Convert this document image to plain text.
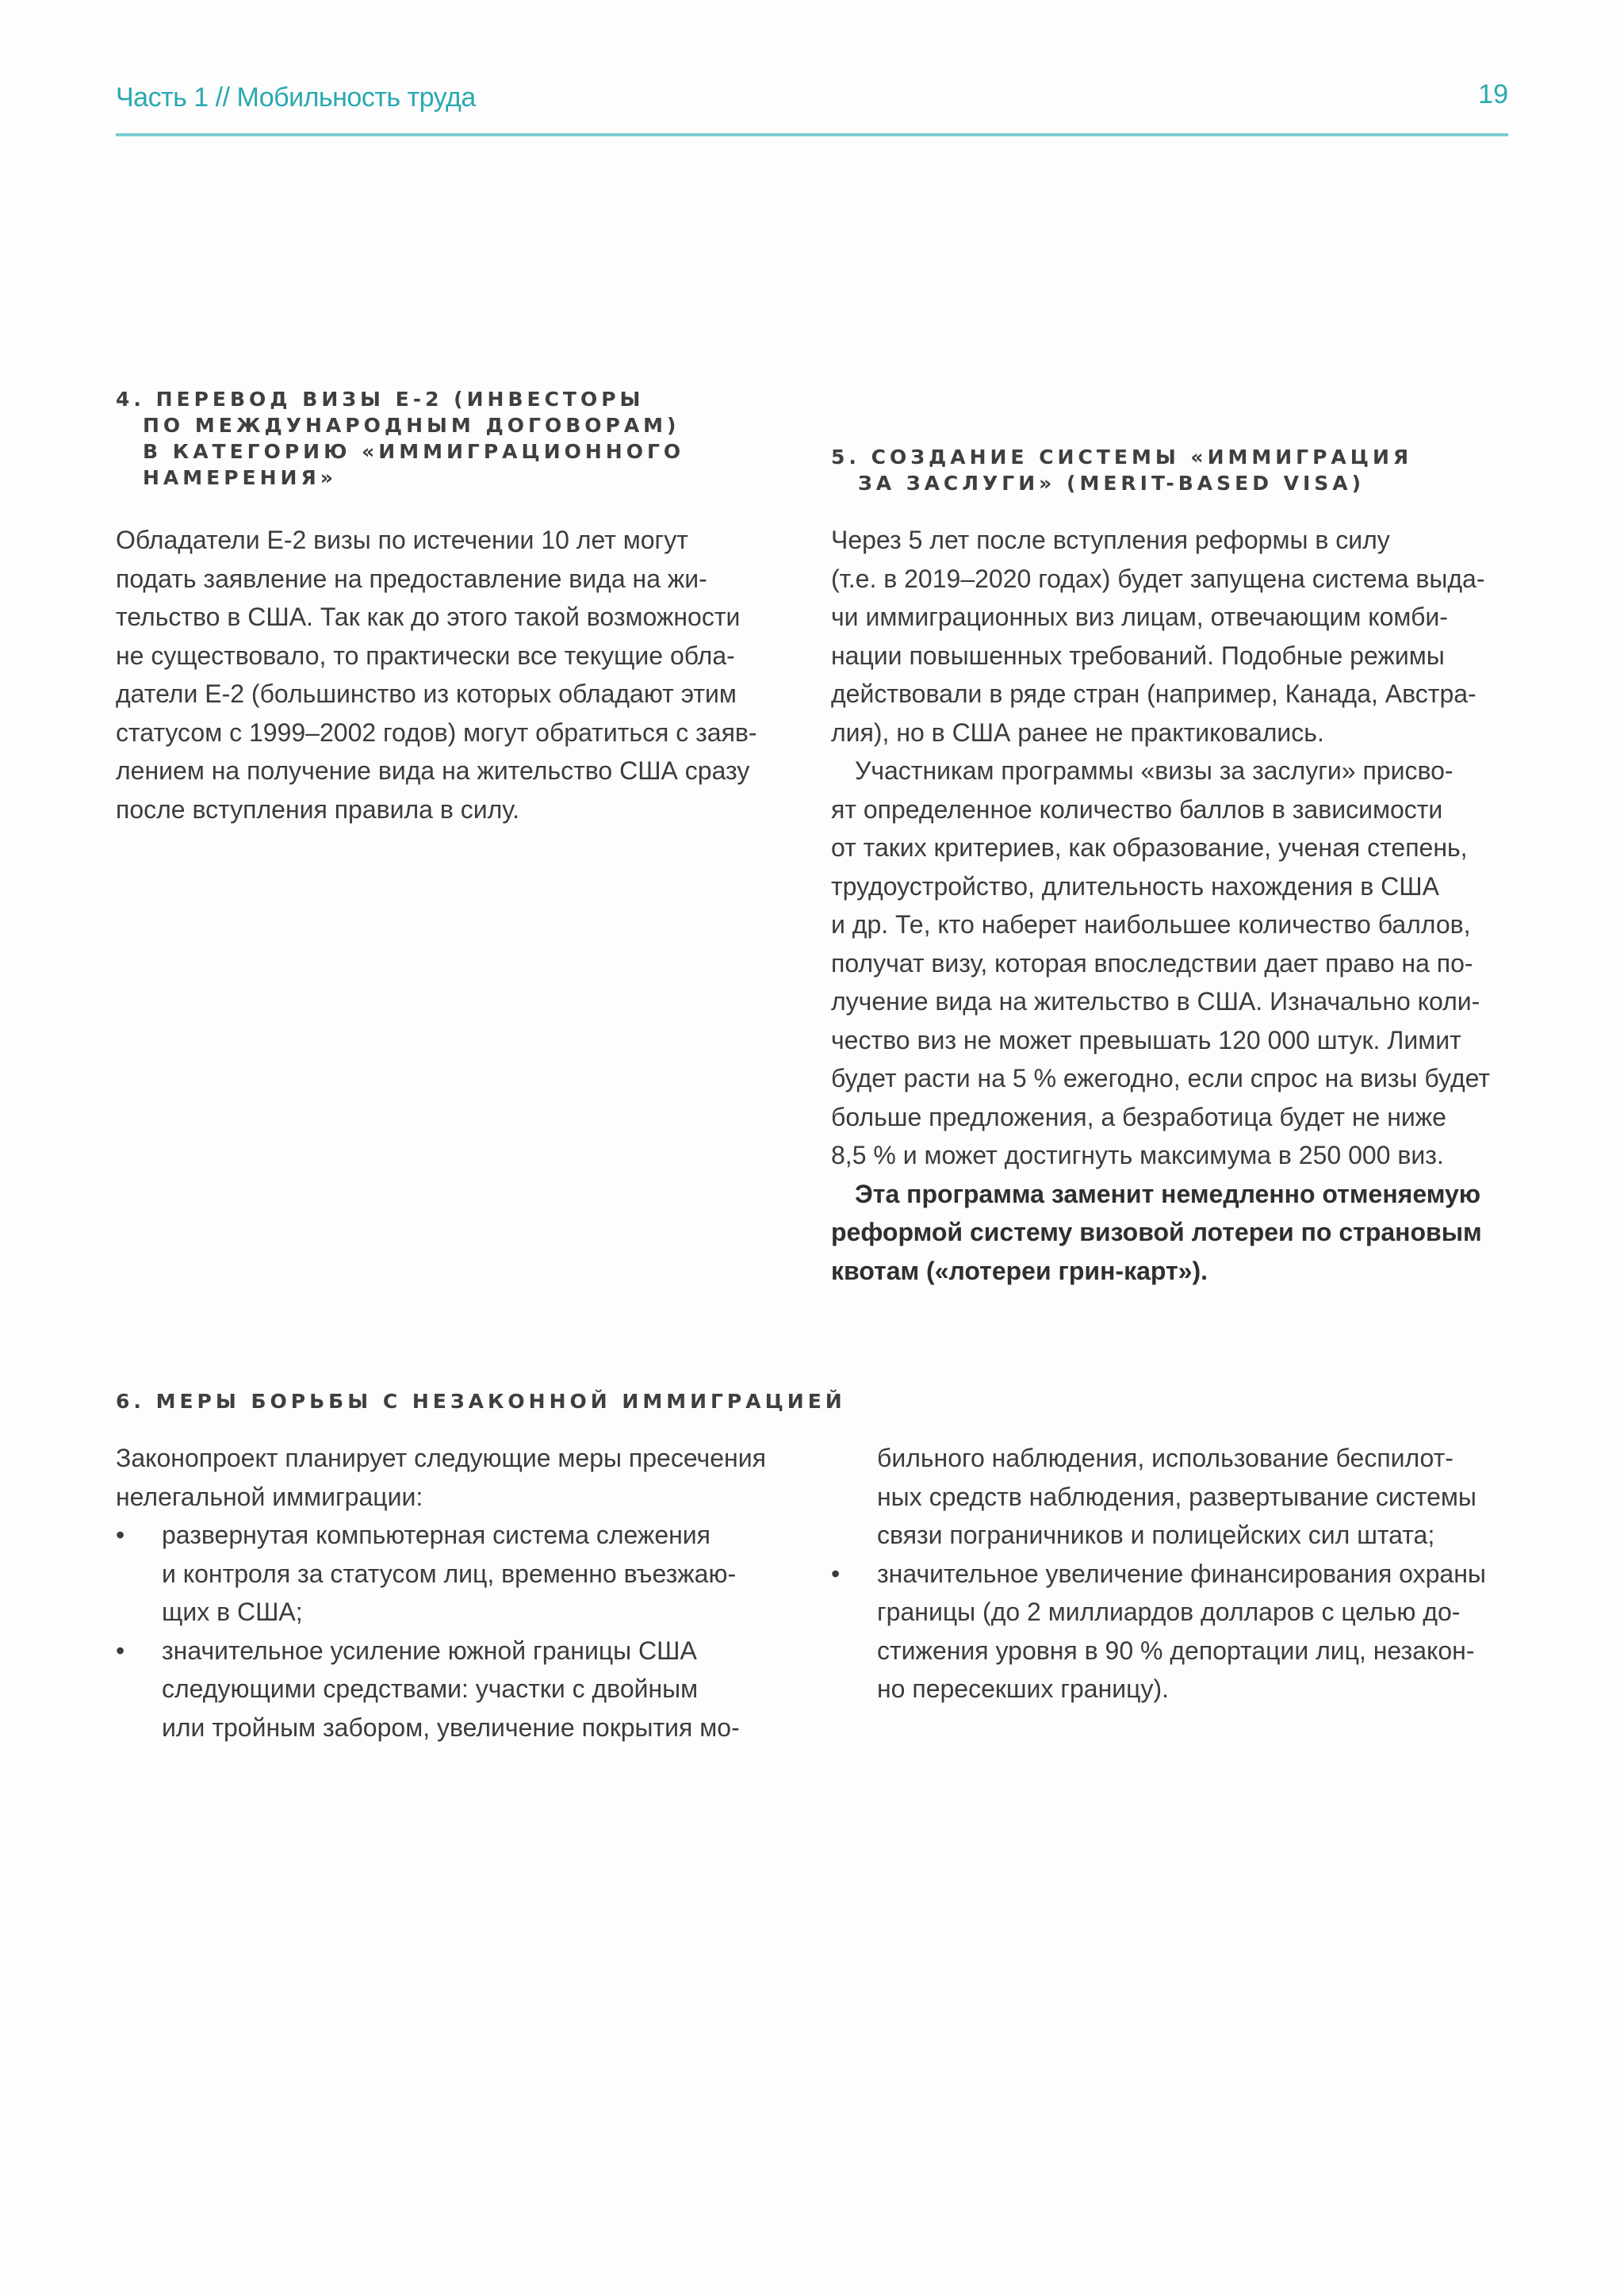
Часть 1 // Мобильность труда	19
4. ПЕРЕВОД ВИЗЫ Е-2 (ИНВЕСТОРЫ
ПО МЕЖДУНАРОДНЫМ ДОГОВОРАМ)
В КАТЕГОРИЮ «ИММИГРАЦИОННОГО
НАМЕРЕНИЯ»
Обладатели Е-2 визы по истечении 10 лет могут
подать заявление на предоставление вида на жи-
тельство в США. Так как до этого такой возможности
не существовало, то практически все текущие обла-
датели Е-2 (большинство из которых обладают этим
статусом с 1999–2002 годов) могут обратиться с заяв-
лением на получение вида на жительство США сразу
после вступления правила в силу.
5. СОЗДАНИЕ СИСТЕМЫ «ИММИГРАЦИЯ
ЗА ЗАСЛУГИ» (MERIT-BASED VISA)
Через 5 лет после вступления реформы в силу
(т.е. в 2019–2020 годах) будет запущена система выда-
чи иммиграционных виз лицам, отвечающим комби-
нации повышенных требований. Подобные режимы
действовали в ряде стран (например, Канада, Австра-
лия), но в США ранее не практиковались.
Участникам программы «визы за заслуги» присво-
ят определенное количество баллов в зависимости
от таких критериев, как образование, ученая степень,
трудоустройство, длительность нахождения в США
и др. Те, кто наберет наибольшее количество баллов,
получат визу, которая впоследствии дает право на по-
лучение вида на жительство в США. Изначально коли-
чество виз не может превышать 120 000 штук. Лимит
будет расти на 5 % ежегодно, если спрос на визы будет
больше предложения, а безработица будет не ниже
8,5 % и может достигнуть максимума в 250 000 виз.
Эта программа заменит немедленно отменяемую
реформой систему визовой лотереи по страновым
квотам («лотереи грин-карт»).
6. МЕРЫ БОРЬБЫ С НЕЗАКОННОЙ ИММИГРАЦИЕЙ
Законопроект планирует следующие меры пресечения
нелегальной иммиграции:
• развернутая компьютерная система слежения
и контроля за статусом лиц, временно въезжаю-
щих в США;
• значительное усиление южной границы США
следующими средствами: участки с двойным
или тройным забором, увеличение покрытия мо-
бильного наблюдения, использование беспилот-
ных средств наблюдения, развертывание системы
связи пограничников и полицейских сил штата;
• значительное увеличение финансирования охраны
границы (до 2 миллиардов долларов с целью до-
стижения уровня в 90 % депортации лиц, незакон-
но пересекших границу).
